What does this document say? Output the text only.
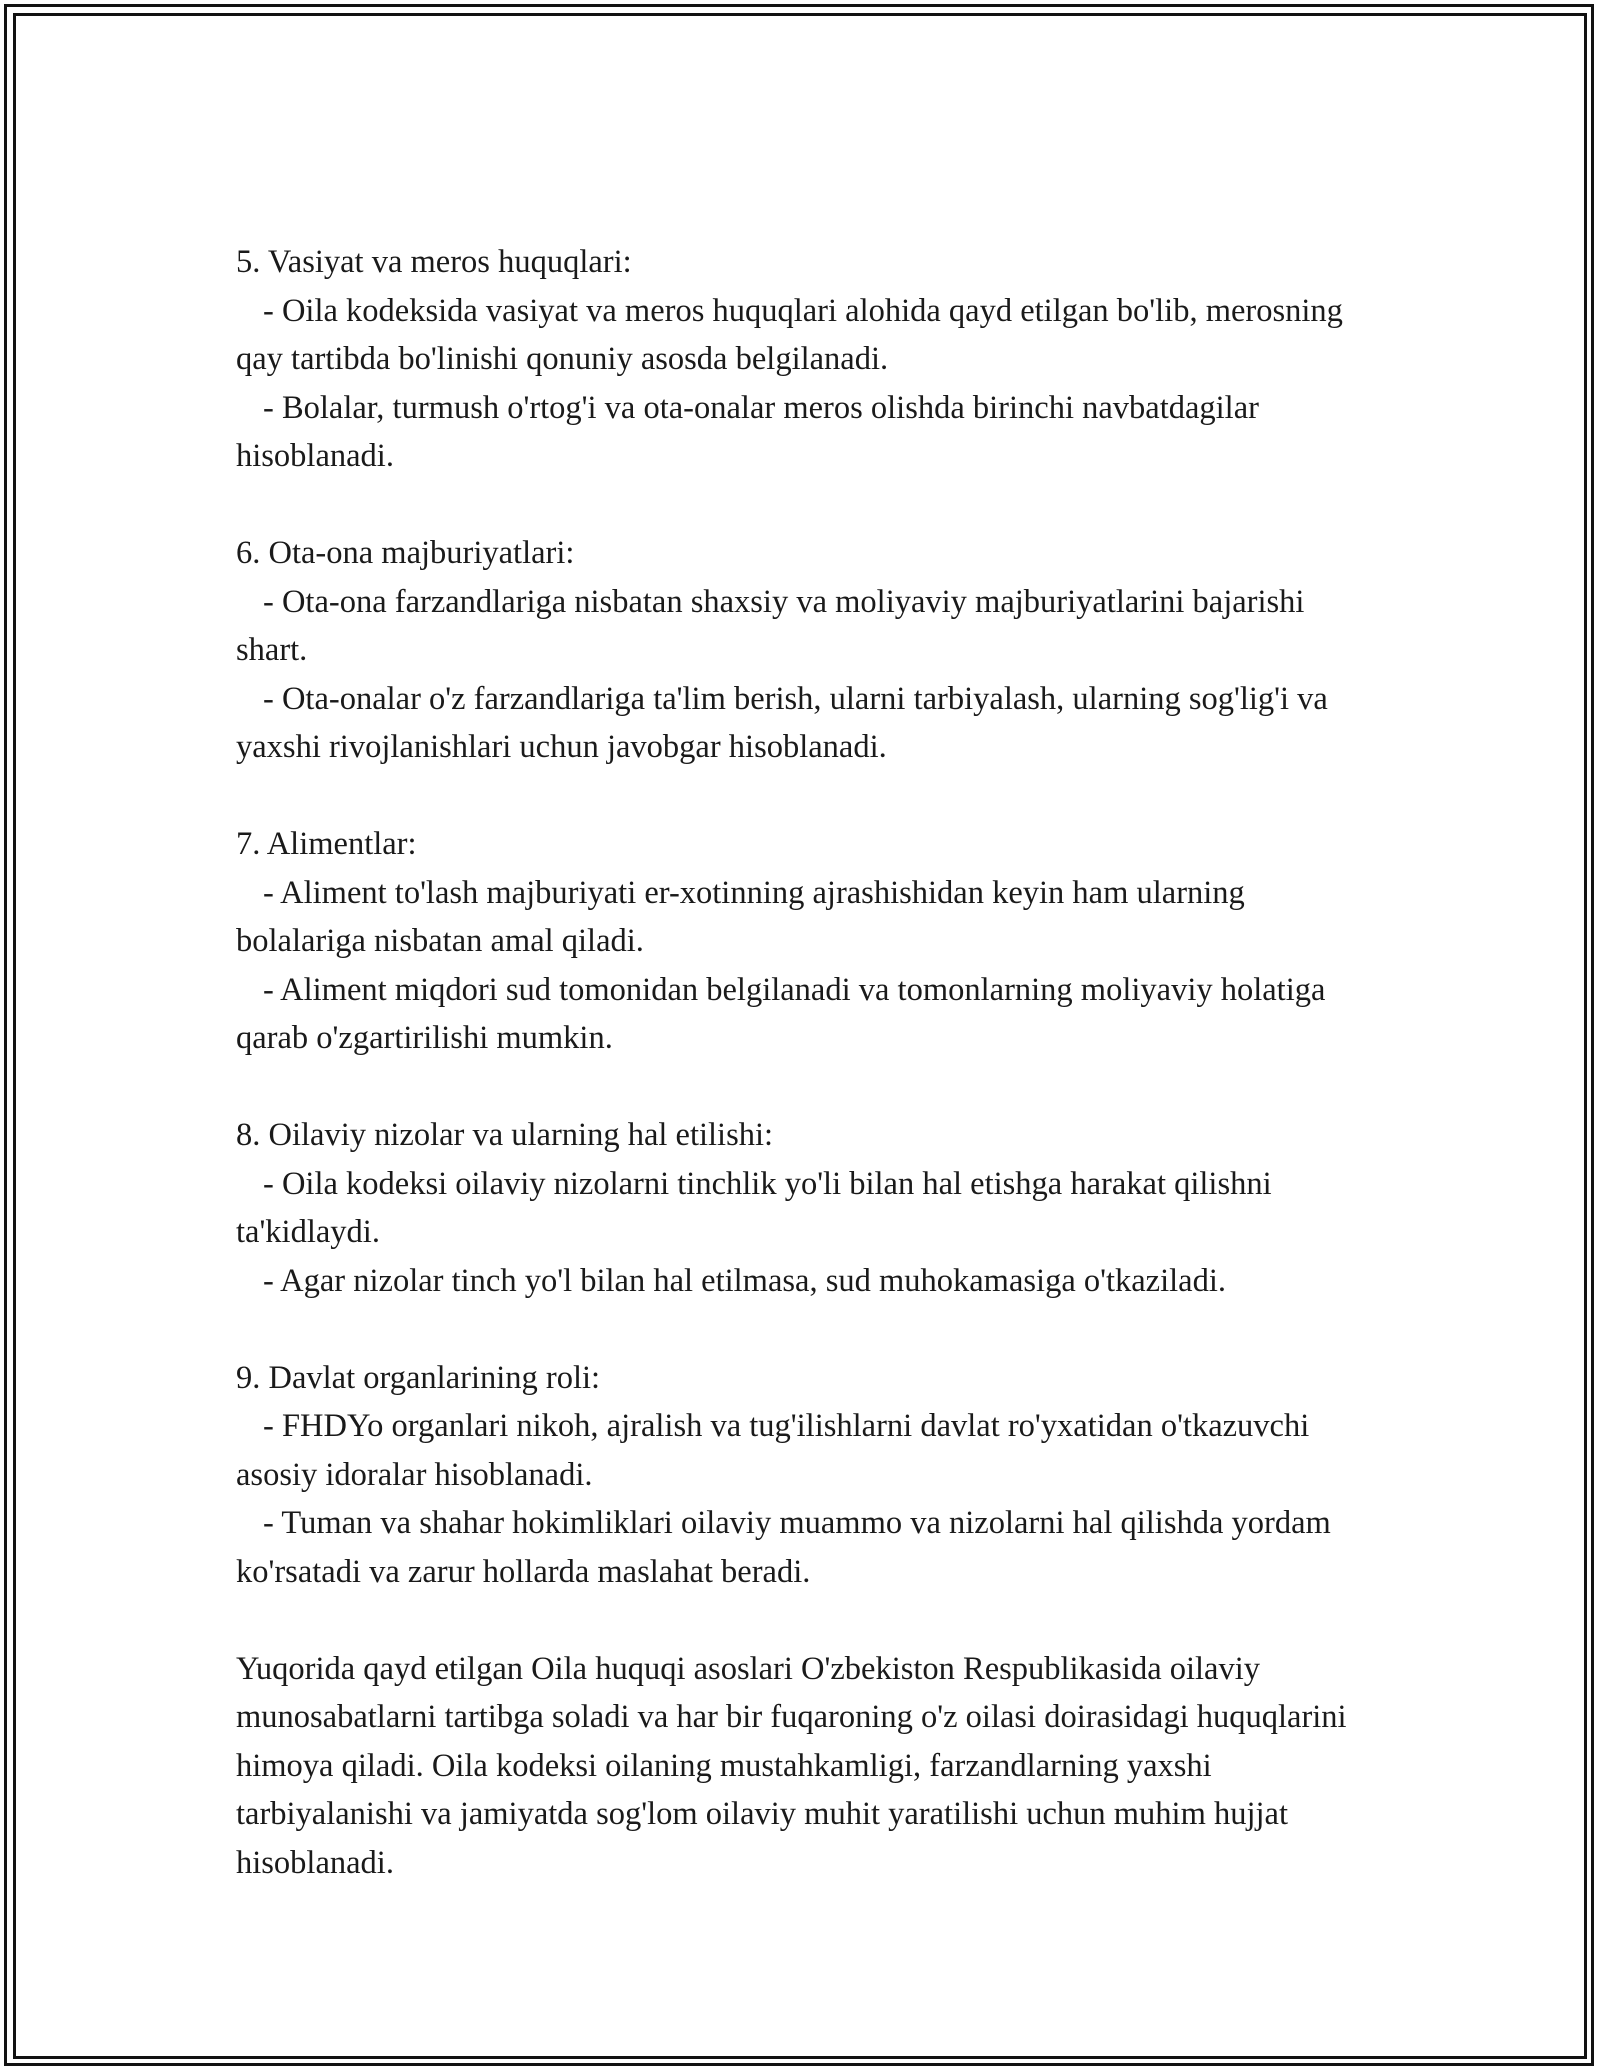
5. Vasiyat va meros huquqlari:
- Oila kodeksida vasiyat va meros huquqlari alohida qayd etilgan bo'lib, merosning qay tartibda bo'linishi qonuniy asosda belgilanadi.
- Bolalar, turmush o'rtog'i va ota-onalar meros olishda birinchi navbatdagilar hisoblanadi.
6. Ota-ona majburiyatlari:
- Ota-ona farzandlariga nisbatan shaxsiy va moliyaviy majburiyatlarini bajarishi shart.
- Ota-onalar o'z farzandlariga ta'lim berish, ularni tarbiyalash, ularning sog'lig'i va yaxshi rivojlanishlari uchun javobgar hisoblanadi.
7. Alimentlar:
- Aliment to'lash majburiyati er-xotinning ajrashishidan keyin ham ularning bolalariga nisbatan amal qiladi.
- Aliment miqdori sud tomonidan belgilanadi va tomonlarning moliyaviy holatiga qarab o'zgartirilishi mumkin.
8. Oilaviy nizolar va ularning hal etilishi:
- Oila kodeksi oilaviy nizolarni tinchlik yo'li bilan hal etishga harakat qilishni ta'kidlaydi.
- Agar nizolar tinch yo'l bilan hal etilmasa, sud muhokamasiga o'tkaziladi.
9. Davlat organlarining roli:
- FHDYo organlari nikoh, ajralish va tug'ilishlarni davlat ro'yxatidan o'tkazuvchi asosiy idoralar hisoblanadi.
- Tuman va shahar hokimliklari oilaviy muammo va nizolarni hal qilishda yordam ko'rsatadi va zarur hollarda maslahat beradi.
Yuqorida qayd etilgan Oila huquqi asoslari O'zbekiston Respublikasida oilaviy munosabatlarni tartibga soladi va har bir fuqaroning o'z oilasi doirasidagi huquqlarini himoya qiladi. Oila kodeksi oilaning mustahkamligi, farzandlarning yaxshi tarbiyalanishi va jamiyatda sog'lom oilaviy muhit yaratilishi uchun muhim hujjat hisoblanadi.
